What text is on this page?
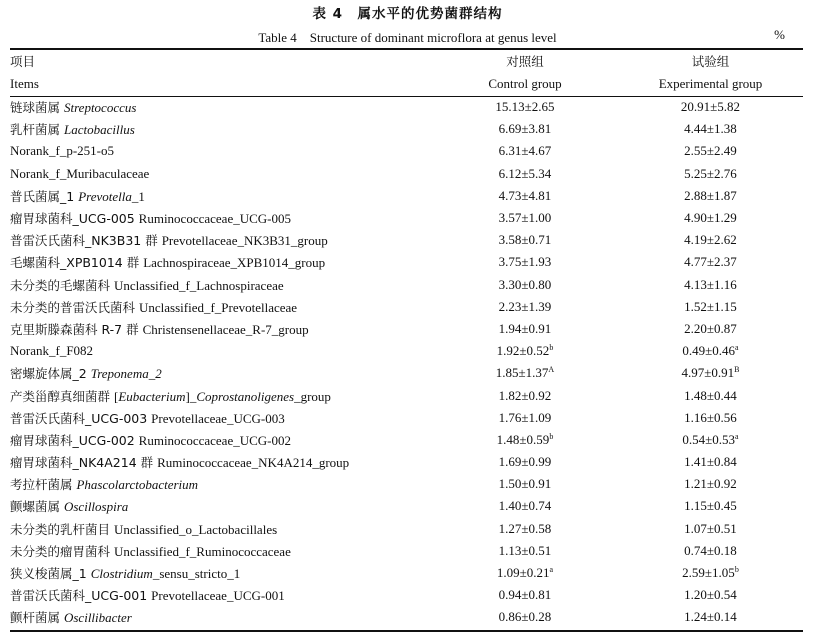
表 4　属水平的优势菌群结构
Table 4　Structure of dominant microflora at genus level	%
项目	对照组	试验组
Items	Control group	Experimental group
链球菌属 Streptococcus	15.13±2.65	20.91±5.82
乳杆菌属 Lactobacillus	6.69±3.81	4.44±1.38
Norank_f_p-251-o5	6.31±4.67	2.55±2.49
Norank_f_Muribaculaceae	6.12±5.34	5.25±2.76
普氏菌属_1 Prevotella_1	4.73±4.81	2.88±1.87
瘤胃球菌科_UCG-005 Ruminococcaceae_UCG-005	3.57±1.00	4.90±1.29
普雷沃氏菌科_NK3B31 群 Prevotellaceae_NK3B31_group	3.58±0.71	4.19±2.62
毛螺菌科_XPB1014 群 Lachnospiraceae_XPB1014_group	3.75±1.93	4.77±2.37
未分类的毛螺菌科 Unclassified_f_Lachnospiraceae	3.30±0.80	4.13±1.16
未分类的普雷沃氏菌科 Unclassified_f_Prevotellaceae	2.23±1.39	1.52±1.15
克里斯滕森菌科 R-7 群 Christensenellaceae_R-7_group	1.94±0.91	2.20±0.87
Norank_f_F082	1.92±0.52$^b$	0.49±0.46$^a$
密螺旋体属_2 Treponema_2	$1.85\pm 1.37^A$	$4.97\pm 0.91^B$
产类甾醇真细菌群 [Eubacterium]_Coprostanoligenes_group	1.82±0.92	1.48±0.44
普雷沃氏菌科_UCG-003 Prevotellaceae_UCG-003	1.76±1.09	1.16±0.56
瘤胃球菌科_UCG-002 Ruminococcaceae_UCG-002	1.48±0.59$^b$	0.54±0.53$^a$
瘤胃球菌科_NK4A214 群 Ruminococcaceae_NK4A214_group	1.69±0.99	1.41±0.84
考拉杆菌属 Phascolarctobacterium	1.50±0.91	1.21±0.92
颤螺菌属 Oscillospira	1.40±0.74	1.15±0.45
未分类的乳杆菌目 Unclassified_o_Lactobacillales	1.27±0.58	1.07±0.51
未分类的瘤胃菌科 Unclassified_f_Ruminococcaceae	1.13±0.51	0.74±0.18
狭义梭菌属_1 Clostridium_sensu_stricto_1	1.09±0.21$^a$	2.59±1.05$^b$
普雷沃氏菌科_UCG-001 Prevotellaceae_UCG-001	0.94±0.81	1.20±0.54
颤杆菌属 Oscillibacter	0.86±0.28	1.24±0.14
